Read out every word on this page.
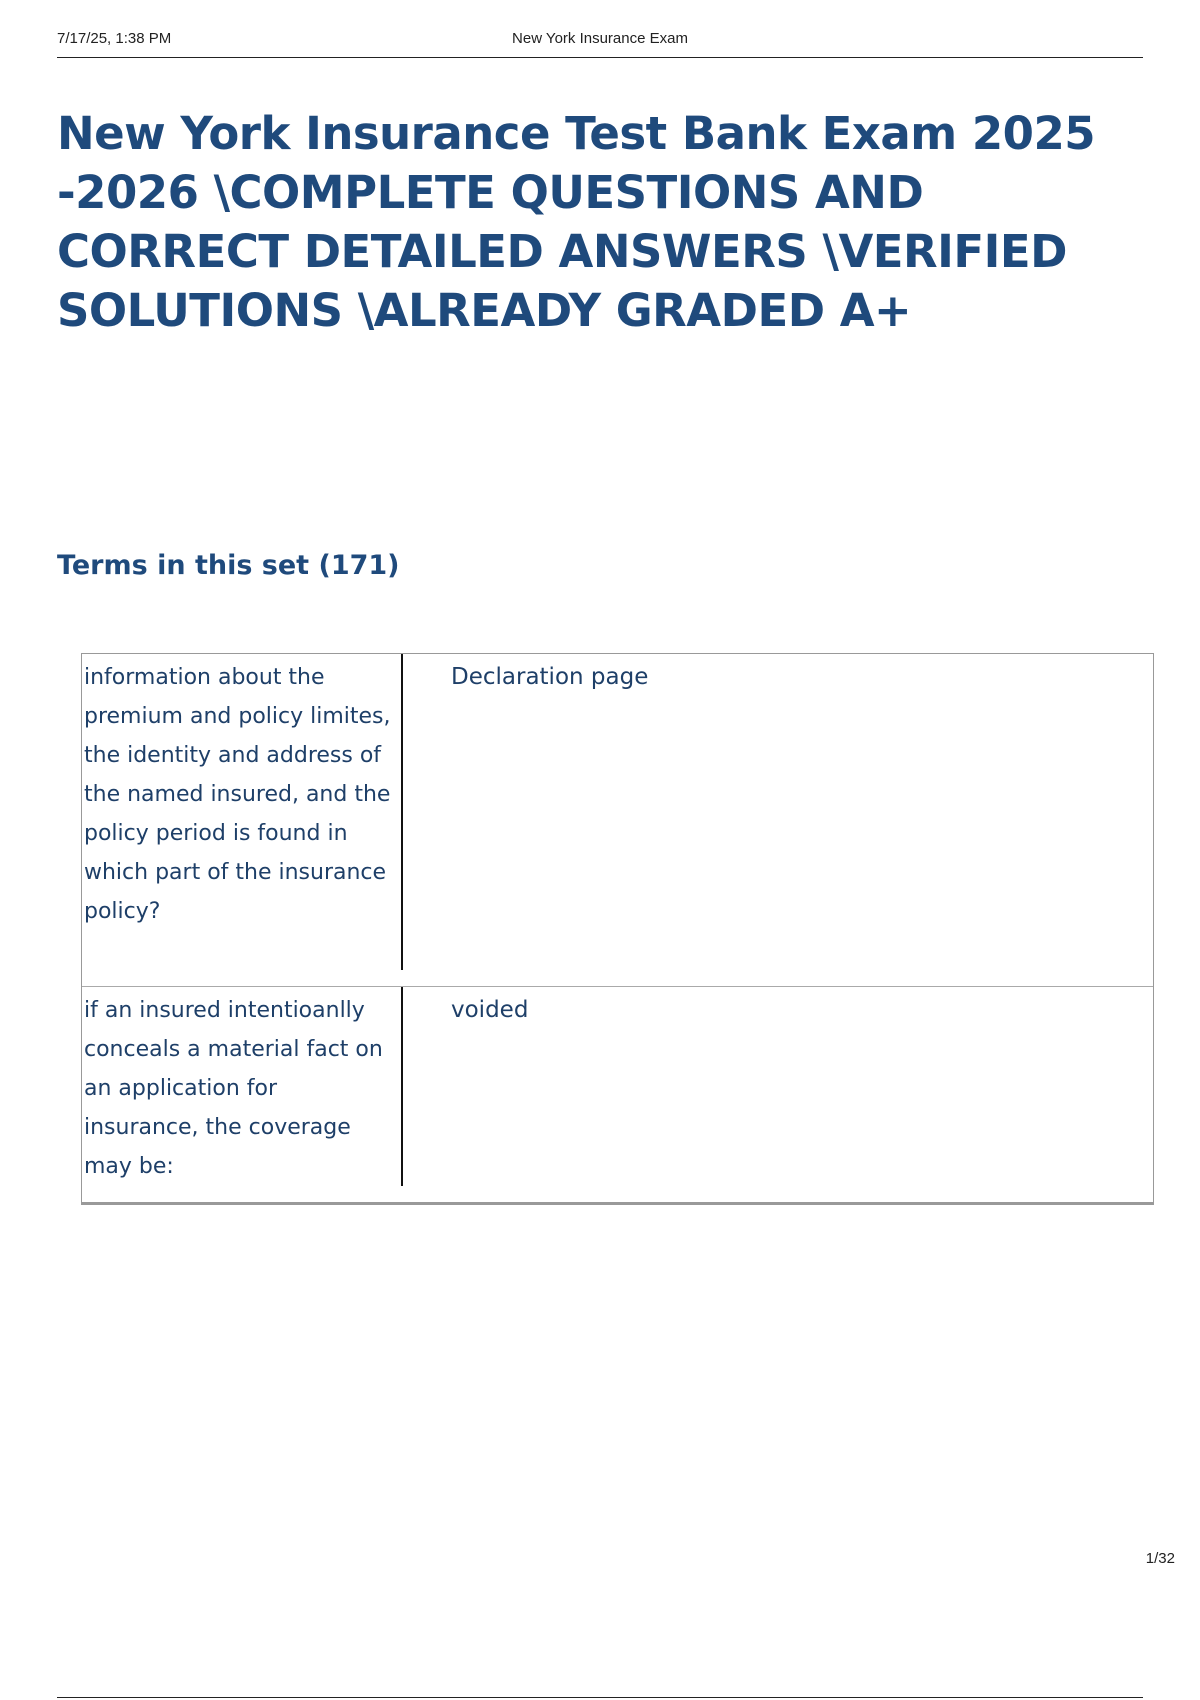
7/17/25, 1:38 PM	New York Insurance Exam
New York Insurance Test Bank Exam 2025 -2026 \COMPLETE QUESTIONS AND CORRECT DETAILED ANSWERS \VERIFIED SOLUTIONS \ALREADY GRADED A+
Terms in this set (171)
information about the premium and policy limites, the identity and address of the named insured, and the policy period is found in which part of the insurance policy?
Declaration page
if an insured intentioanlly conceals a material fact on an application for insurance, the coverage may be:
voided
1/32
